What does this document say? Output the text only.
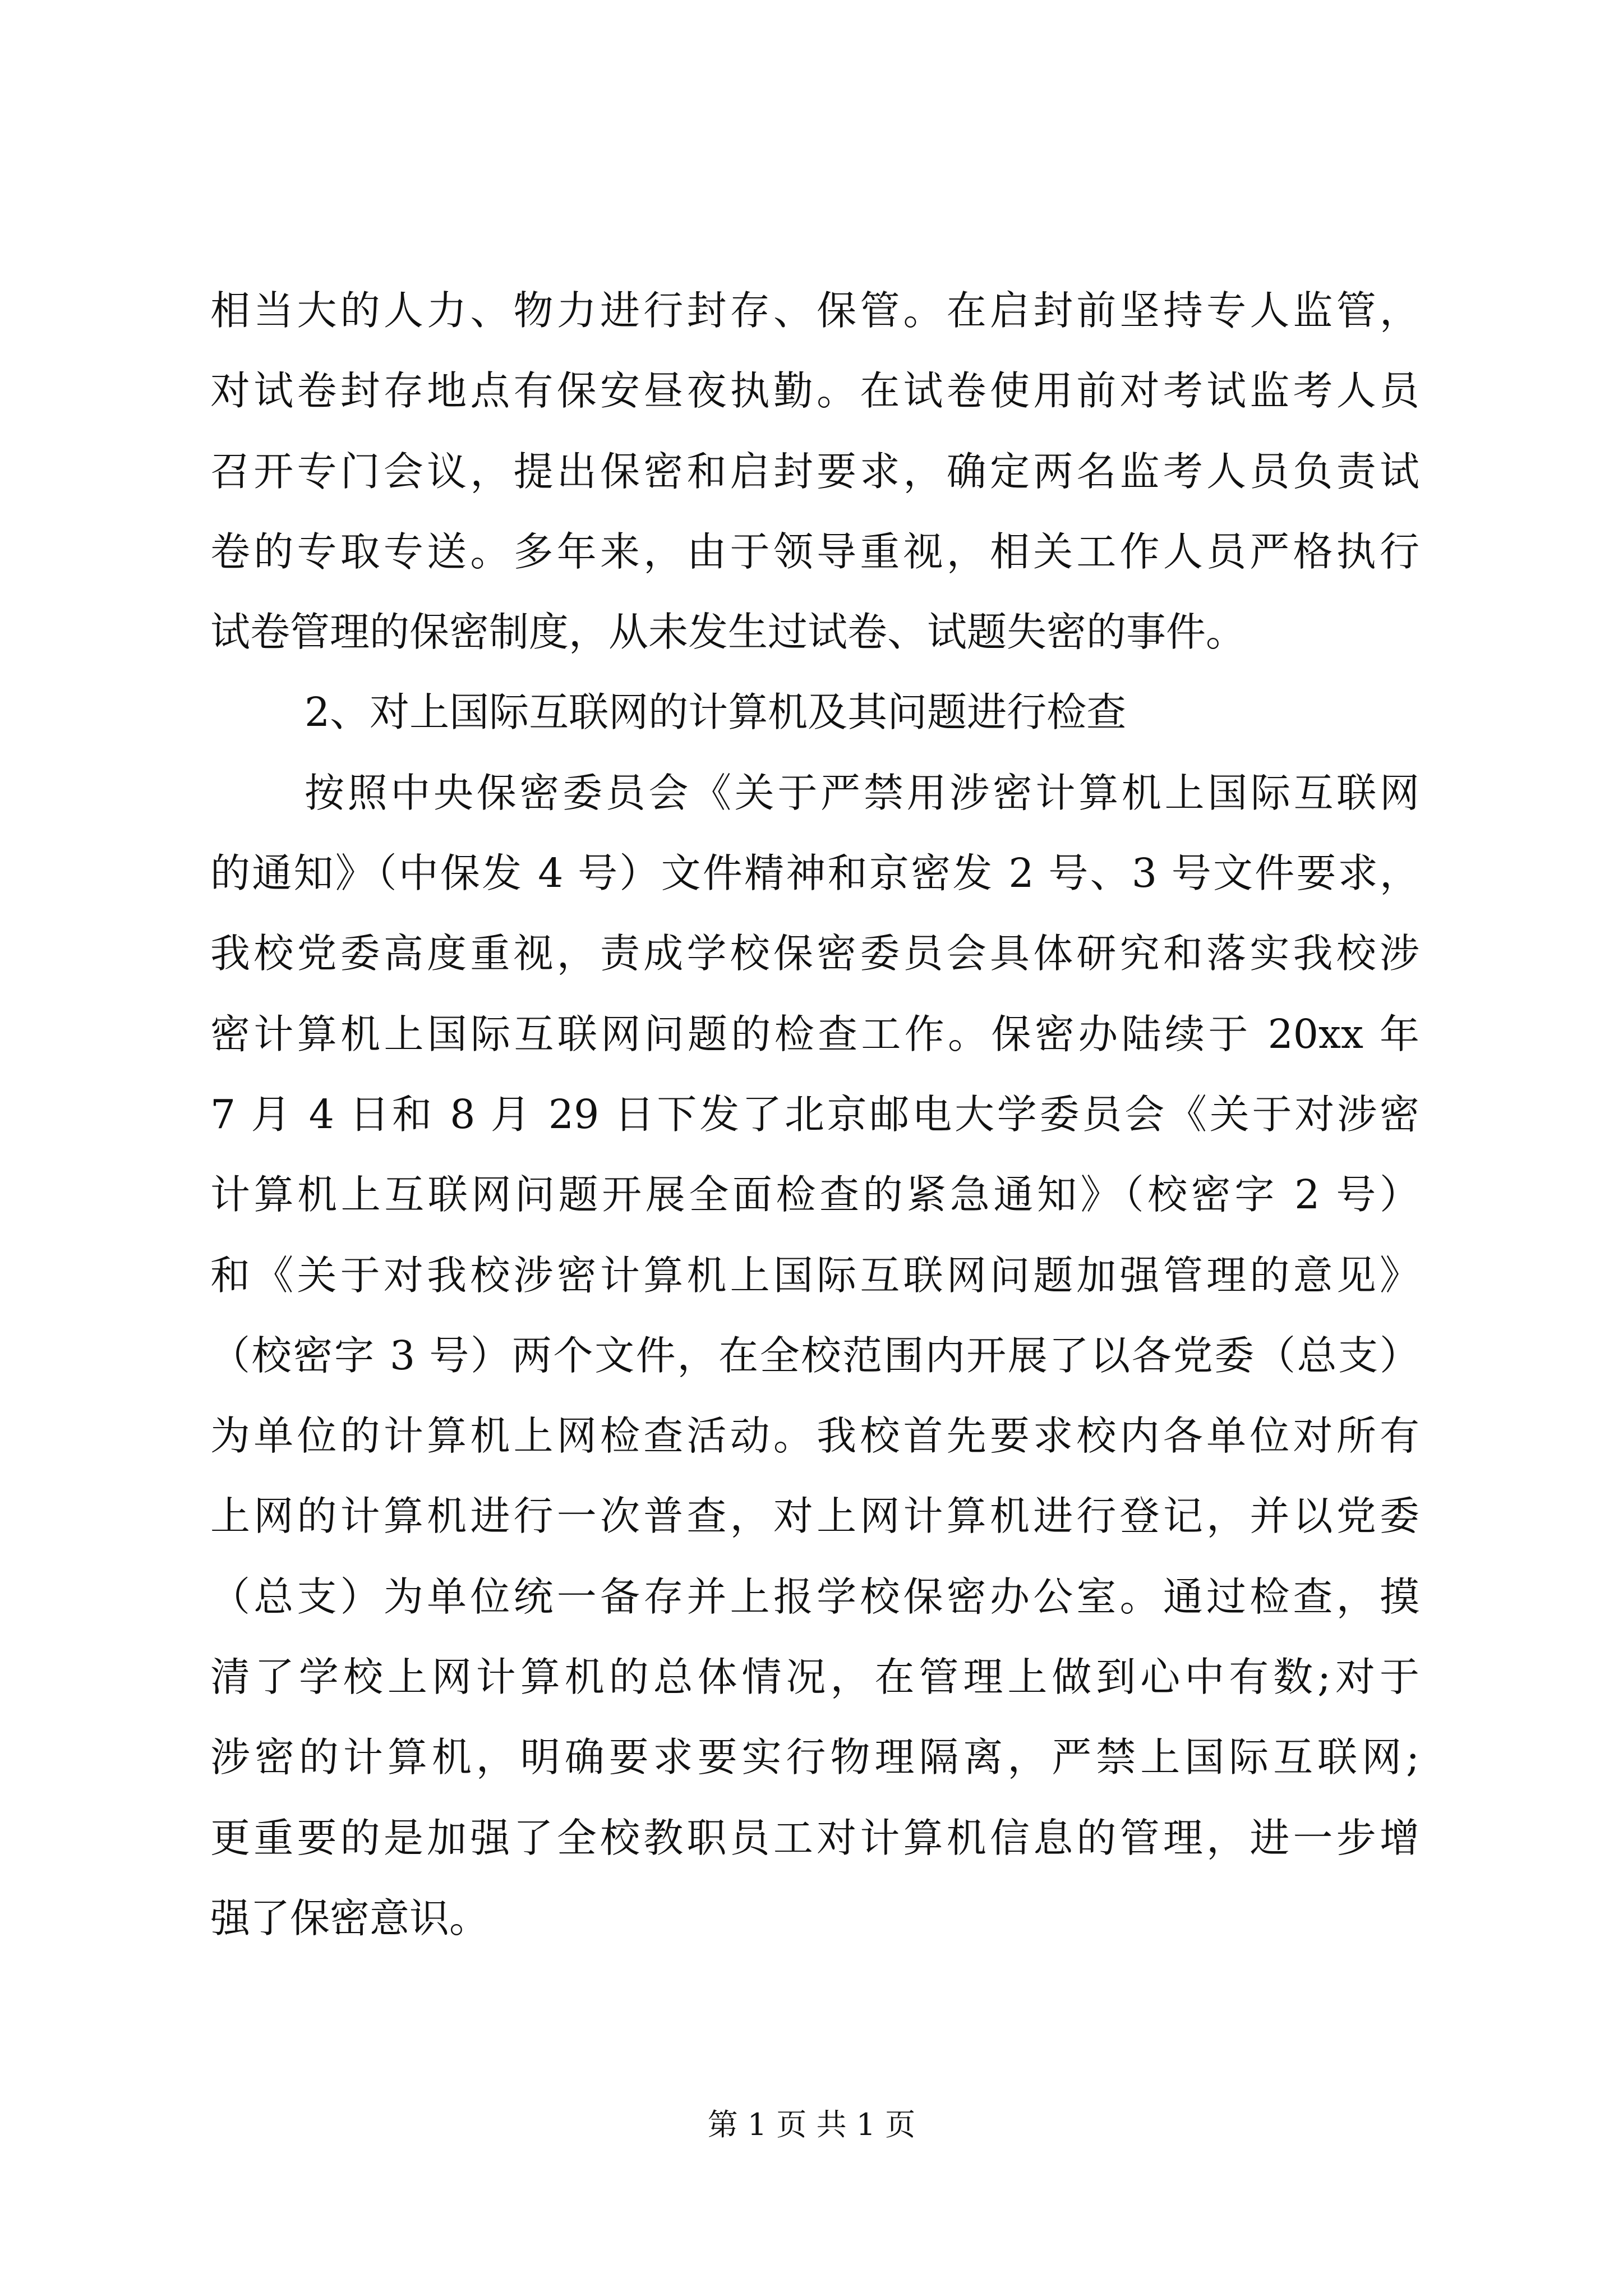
相当大的人力、物力进行封存、保管。在启封前坚持专人监管，
对试卷封存地点有保安昼夜执勤。在试卷使用前对考试监考人员
召开专门会议，提出保密和启封要求，确定两名监考人员负责试
卷的专取专送。多年来，由于领导重视，相关工作人员严格执行
试卷管理的保密制度，从未发生过试卷、试题失密的事件。
2、对上国际互联网的计算机及其问题进行检查
按照中央保密委员会《关于严禁用涉密计算机上国际互联网
的通知》（中保发 4 号）文件精神和京密发 2 号、3 号文件要求，
我校党委高度重视，责成学校保密委员会具体研究和落实我校涉
密计算机上国际互联网问题的检查工作。保密办陆续于 20xx 年
7 月 4 日和 8 月 29 日下发了北京邮电大学委员会《关于对涉密
计算机上互联网问题开展全面检查的紧急通知》（校密字 2 号）
和《关于对我校涉密计算机上国际互联网问题加强管理的意见》
（校密字 3 号）两个文件，在全校范围内开展了以各党委（总支）
为单位的计算机上网检查活动。我校首先要求校内各单位对所有
上网的计算机进行一次普查，对上网计算机进行登记，并以党委
（总支）为单位统一备存并上报学校保密办公室。通过检查，摸
清了学校上网计算机的总体情况，在管理上做到心中有数;对于
涉密的计算机，明确要求要实行物理隔离，严禁上国际互联网;
更重要的是加强了全校教职员工对计算机信息的管理，进一步增
强了保密意识。
第 1 页 共 1 页
